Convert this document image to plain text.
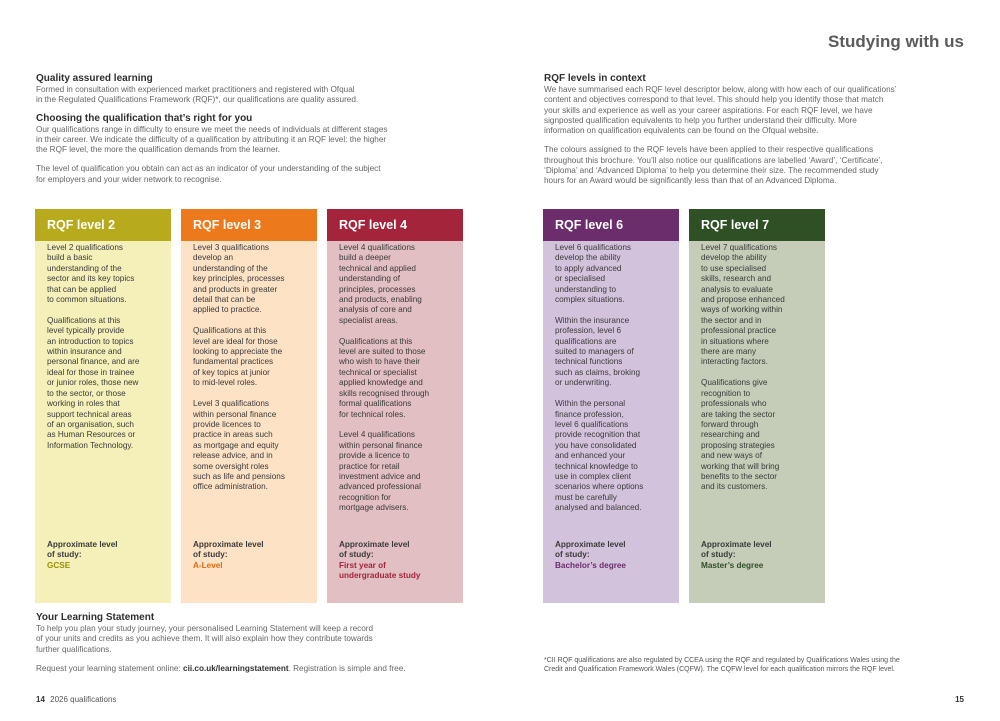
Studying with us

Quality assured learning

Formed in consultation with experienced market practitioners and registered with Ofqual
in the Regulated Qualifications Framework (RQF)*, our qualifications are quality assured.

Choosing the qualification that’s right for you

Our qualifications range in difficulty to ensure we meet the needs of individuals at different stages
in their career. We indicate the difficulty of a qualification by attributing it an RQF level: the higher
the RQF level, the more the qualification demands from the learner.

The level of qualification you obtain can act as an indicator of your understanding of the subject
for employers and your wider network to recognise.

RQF levels in context

We have summarised each RQF level descriptor below, along with how each of our qualifications’
content and objectives correspond to that level. This should help you identify those that match
your skills and experience as well as your career aspirations. For each RQF level, we have
signposted qualification equivalents to help you further understand their difficulty. More
information on qualification equivalents can be found on the Ofqual website.

The colours assigned to the RQF levels have been applied to their respective qualifications
throughout this brochure. You’ll also notice our qualifications are labelled ‘Award’, ‘Certificate’,
‘Diploma’ and ‘Advanced Diploma’ to help you determine their size. The recommended study
hours for an Award would be significantly less than that of an Advanced Diploma.

RQF level 2
Level 2 qualifications
build a basic
understanding of the
sector and its key topics
that can be applied
to common situations.

Qualifications at this
level typically provide
an introduction to topics
within insurance and
personal finance, and are
ideal for those in trainee
or junior roles, those new
to the sector, or those
working in roles that
support technical areas
of an organisation, such
as Human Resources or
Information Technology.
Approximate level
of study:
GCSE
RQF level 3
Level 3 qualifications
develop an
understanding of the
key principles, processes
and products in greater
detail that can be
applied to practice.

Qualifications at this
level are ideal for those
looking to appreciate the
fundamental practices
of key topics at junior
to mid-level roles.

Level 3 qualifications
within personal finance
provide licences to
practice in areas such
as mortgage and equity
release advice, and in
some oversight roles
such as life and pensions
office administration.
Approximate level
of study:
A-Level
RQF level 4
Level 4 qualifications
build a deeper
technical and applied
understanding of
principles, processes
and products, enabling
analysis of core and
specialist areas.

Qualifications at this
level are suited to those
who wish to have their
technical or specialist
applied knowledge and
skills recognised through
formal qualifications
for technical roles.

Level 4 qualifications
within personal finance
provide a licence to
practice for retail
investment advice and
advanced professional
recognition for
mortgage advisers.
Approximate level
of study:
First year of
undergraduate study
RQF level 6
Level 6 qualifications
develop the ability
to apply advanced
or specialised
understanding to
complex situations.

Within the insurance
profession, level 6
qualifications are
suited to managers of
technical functions
such as claims, broking
or underwriting.

Within the personal
finance profession,
level 6 qualifications
provide recognition that
you have consolidated
and enhanced your
technical knowledge to
use in complex client
scenarios where options
must be carefully
analysed and balanced.
Approximate level
of study:
Bachelor’s degree
RQF level 7
Level 7 qualifications
develop the ability
to use specialised
skills, research and
analysis to evaluate
and propose enhanced
ways of working within
the sector and in
professional practice
in situations where
there are many
interacting factors.

Qualifications give
recognition to
professionals who
are taking the sector
forward through
researching and
proposing strategies
and new ways of
working that will bring
benefits to the sector
and its customers.
Approximate level
of study:
Master’s degree

Your Learning Statement

To help you plan your study journey, your personalised Learning Statement will keep a record
of your units and credits as you achieve them. It will also explain how they contribute towards
further qualifications.

Request your learning statement online: cii.co.uk/learningstatement. Registration is simple and free.

*CII RQF qualifications are also regulated by CCEA using the RQF and regulated by Qualifications Wales using the
Credit and Qualification Framework Wales (CQFW). The CQFW level for each qualification mirrors the RQF level.
14 2026 qualifications	15
